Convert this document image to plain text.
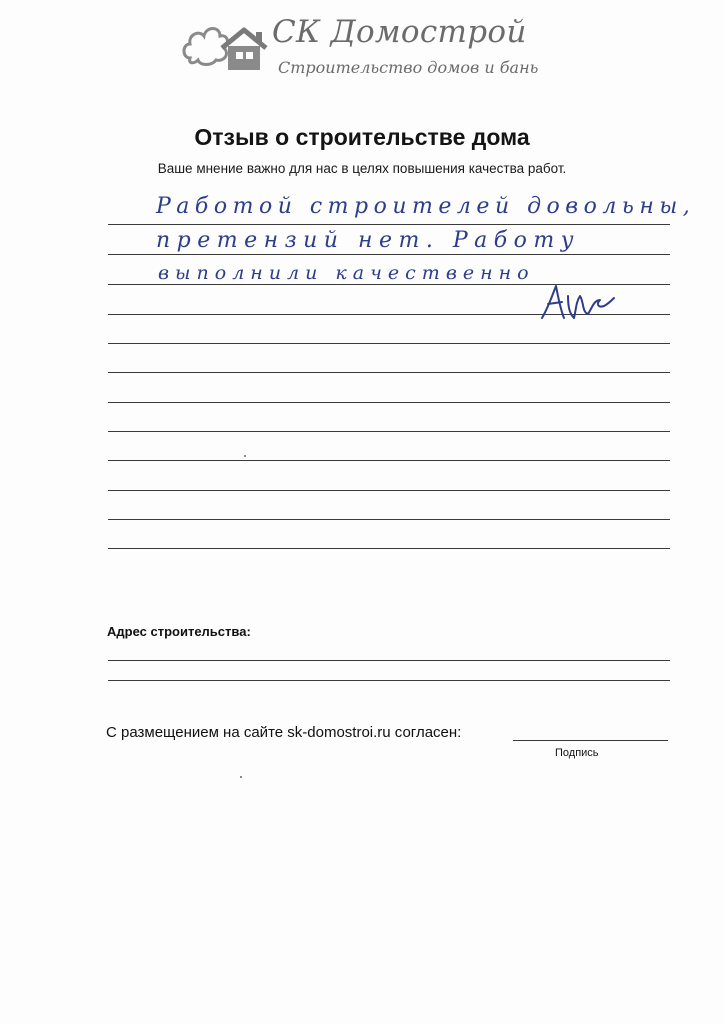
СК Домострой
Строительство домов и бань
Отзыв о строительстве дома
Ваше мнение важно для нас в целях повышения качества работ.
Работой строителей довольны,
претензий нет. Работу
выполнили качественно
Адрес строительства:
С размещением на сайте sk-domostroi.ru согласен:
Подпись
